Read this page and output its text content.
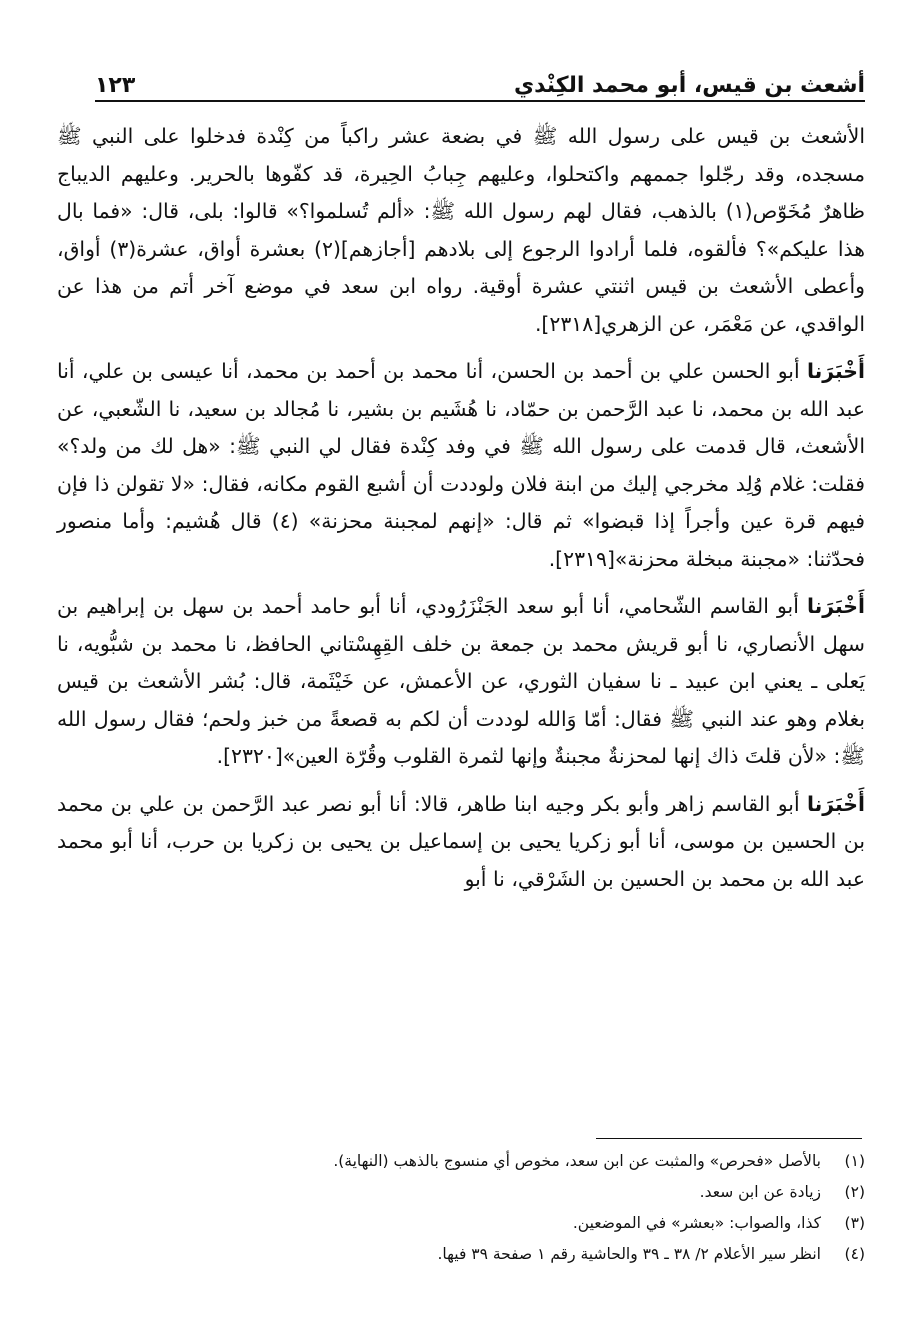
أشعث بن قيس، أبو محمد الكِنْدي
١٢٣

الأشعث بن قيس على رسول الله ﷺ في بضعة عشر راكباً من كِنْدة فدخلوا على النبي ﷺ مسجده، وقد رجّلوا جممهم واكتحلوا، وعليهم جِبابُ الحِيرة، قد كفّوها بالحرير. وعليهم الديباج ظاهرٌ مُخَوّص(١) بالذهب، فقال لهم رسول الله ﷺ: «ألم تُسلموا؟» قالوا: بلى، قال: «فما بال هذا عليكم»؟ فألقوه، فلما أرادوا الرجوع إلى بلادهم [أجازهم](٢) بعشرة أواق، عشرة(٣) أواق، وأعطى الأشعث بن قيس اثنتي عشرة أوقية. رواه ابن سعد في موضع آخر أتم من هذا عن الواقدي، عن مَعْمَر، عن الزهري[٢٣١٨].

أَخْبَرَنا أبو الحسن علي بن أحمد بن الحسن، أنا محمد بن أحمد بن محمد، أنا عيسى بن علي، أنا عبد الله بن محمد، نا عبد الرَّحمن بن حمّاد، نا هُشَيم بن بشير، نا مُجالد بن سعيد، نا الشّعبي، عن الأشعث، قال قدمت على رسول الله ﷺ في وفد كِنْدة فقال لي النبي ﷺ: «هل لك من ولد؟» فقلت: غلام وُلِد مخرجي إليك من ابنة فلان ولوددت أن أشبع القوم مكانه، فقال: «لا تقولن ذا فإن فيهم قرة عين وأجراً إذا قبضوا» ثم قال: «إنهم لمجبنة محزنة» (٤) قال هُشيم: وأما منصور فحدّثنا: «مجبنة مبخلة محزنة»[٢٣١٩].

أَخْبَرَنا أبو القاسم الشّحامي، أنا أبو سعد الجَنْزَرُودي، أنا أبو حامد أحمد بن سهل بن إبراهيم بن سهل الأنصاري، نا أبو قريش محمد بن جمعة بن خلف القِهِسْتاني الحافظ، نا محمد بن شبُّويه، نا يَعلى ـ يعني ابن عبيد ـ نا سفيان الثوري، عن الأعمش، عن خَيْثَمة، قال: بُشر الأشعث بن قيس بغلام وهو عند النبي ﷺ فقال: أمّا وَالله لوددت أن لكم به قصعةً من خبز ولحم؛ فقال رسول الله ﷺ: «لأن قلتَ ذاك إنها لمحزنةٌ مجبنةٌ وإنها لثمرة القلوب وقُرّة العين»[٢٣٢٠].

أَخْبَرَنا أبو القاسم زاهر وأبو بكر وجيه ابنا طاهر، قالا: أنا أبو نصر عبد الرَّحمن بن علي بن محمد بن الحسين بن موسى، أنا أبو زكريا يحيى بن إسماعيل بن يحيى بن زكريا بن حرب، أنا أبو محمد عبد الله بن محمد بن الحسين بن الشَرْقي، نا أبو

(١)
بالأصل «فحرص» والمثبت عن ابن سعد، مخوص أي منسوج بالذهب (النهاية).
(٢)
زيادة عن ابن سعد.
(٣)
كذا، والصواب: «بعشر» في الموضعين.
(٤)
انظر سير الأعلام ٢/ ٣٨ ـ ٣٩ والحاشية رقم ١ صفحة ٣٩ فيها.
